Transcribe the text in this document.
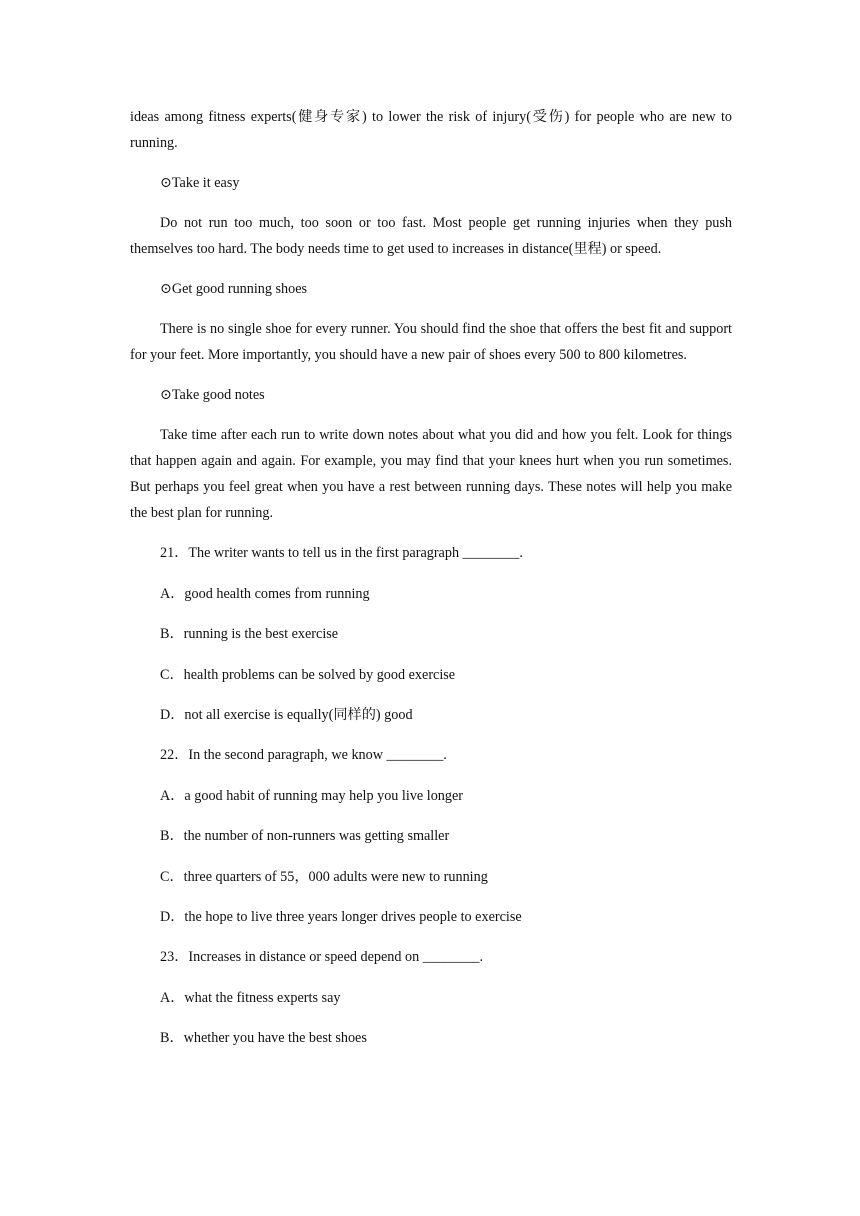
ideas among fitness experts(健身专家) to lower the risk of injury(受伤) for people who are new to running.

⊙Take it easy

Do not run too much, too soon or too fast. Most people get running injuries when they push themselves too hard. The body needs time to get used to increases in distance(里程) or speed.

⊙Get good running shoes

There is no single shoe for every runner. You should find the shoe that offers the best fit and support for your feet. More importantly, you should have a new pair of shoes every 500 to 800 kilometres.

⊙Take good notes

Take time after each run to write down notes about what you did and how you felt. Look for things that happen again and again. For example, you may find that your knees hurt when you run sometimes. But perhaps you feel great when you have a rest between running days. These notes will help you make the best plan for running.

21．The writer wants to tell us in the first paragraph ________.

A．good health comes from running

B．running is the best exercise

C．health problems can be solved by good exercise

D．not all exercise is equally(同样的) good

22．In the second paragraph, we know ________.

A．a good habit of running may help you live longer

B．the number of non-runners was getting smaller

C．three quarters of 55，000 adults were new to running

D．the hope to live three years longer drives people to exercise

23．Increases in distance or speed depend on ________.

A．what the fitness experts say

B．whether you have the best shoes
